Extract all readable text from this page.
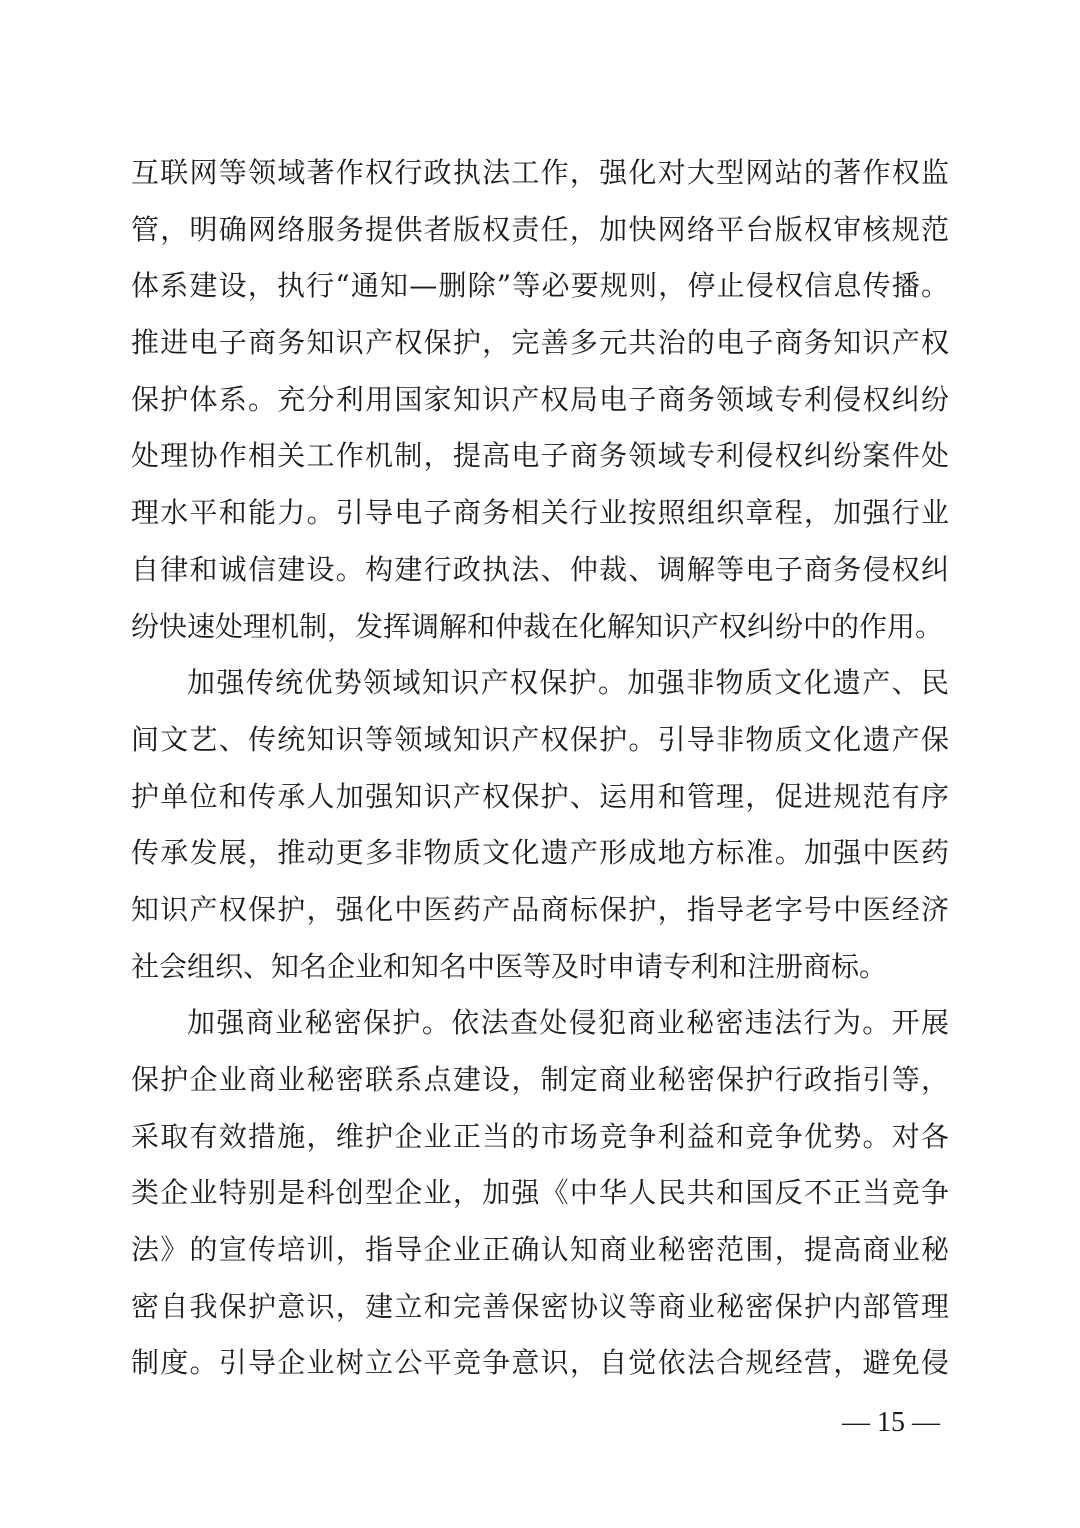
互联网等领域著作权行政执法工作，强化对大型网站的著作权监
管，明确网络服务提供者版权责任，加快网络平台版权审核规范
体系建设，执行“通知—删除”等必要规则，停止侵权信息传播。
推进电子商务知识产权保护，完善多元共治的电子商务知识产权
保护体系。充分利用国家知识产权局电子商务领域专利侵权纠纷
处理协作相关工作机制，提高电子商务领域专利侵权纠纷案件处
理水平和能力。引导电子商务相关行业按照组织章程，加强行业
自律和诚信建设。构建行政执法、仲裁、调解等电子商务侵权纠
纷快速处理机制，发挥调解和仲裁在化解知识产权纠纷中的作用。
加强传统优势领域知识产权保护。加强非物质文化遗产、民
间文艺、传统知识等领域知识产权保护。引导非物质文化遗产保
护单位和传承人加强知识产权保护、运用和管理，促进规范有序
传承发展，推动更多非物质文化遗产形成地方标准。加强中医药
知识产权保护，强化中医药产品商标保护，指导老字号中医经济
社会组织、知名企业和知名中医等及时申请专利和注册商标。
加强商业秘密保护。依法查处侵犯商业秘密违法行为。开展
保护企业商业秘密联系点建设，制定商业秘密保护行政指引等，
采取有效措施，维护企业正当的市场竞争利益和竞争优势。对各
类企业特别是科创型企业，加强《中华人民共和国反不正当竞争
法》的宣传培训，指导企业正确认知商业秘密范围，提高商业秘
密自我保护意识，建立和完善保密协议等商业秘密保护内部管理
制度。引导企业树立公平竞争意识，自觉依法合规经营，避免侵
— 15 —
